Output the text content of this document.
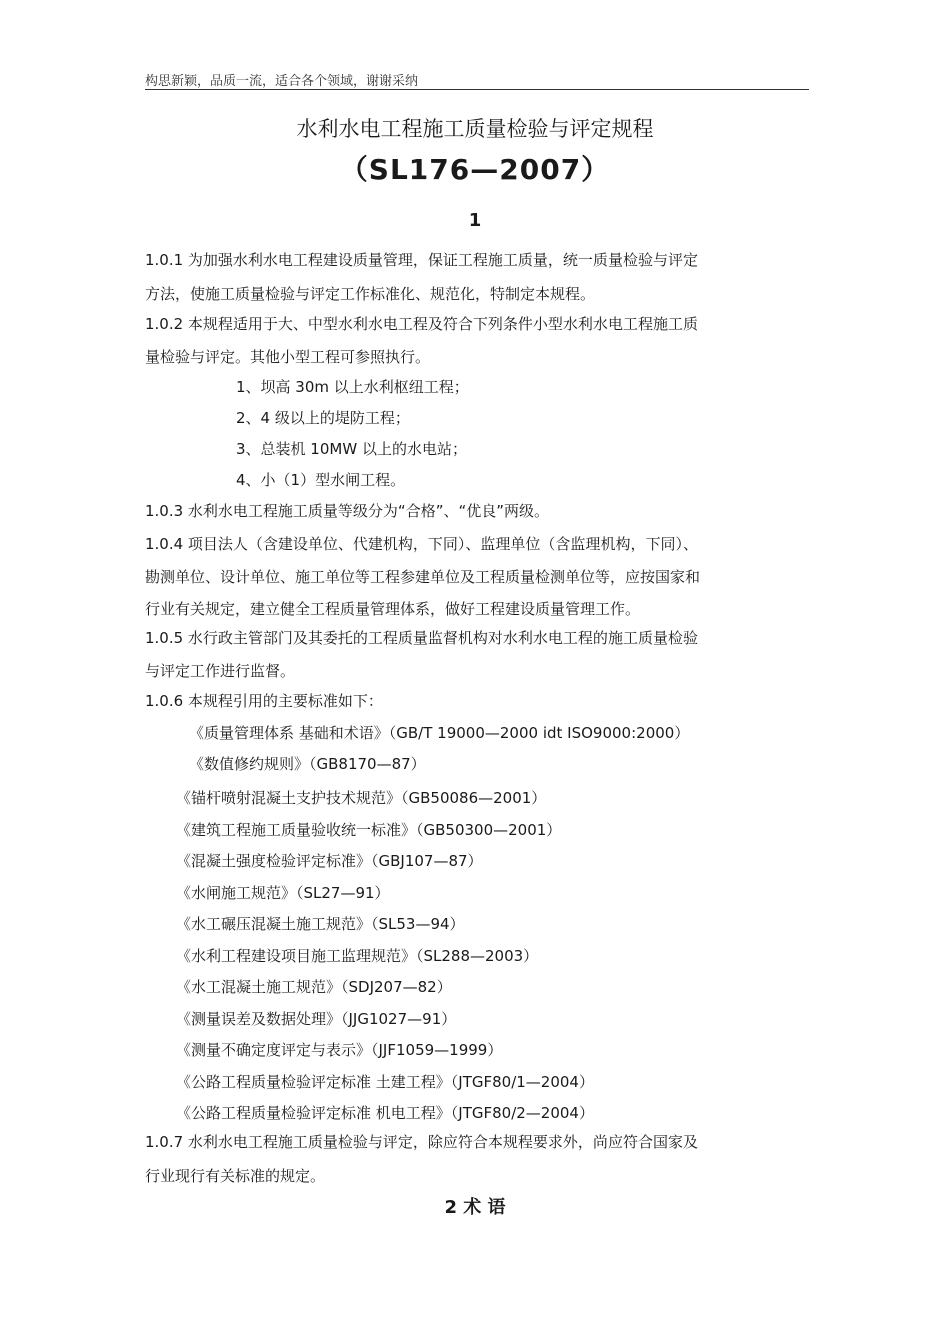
构思新颖，品质一流，适合各个领域，谢谢采纳
水利水电工程施工质量检验与评定规程
（SL176—2007）
1
1.0.1 为加强水利水电工程建设质量管理，保证工程施工质量，统一质量检验与评定
方法，使施工质量检验与评定工作标准化、规范化，特制定本规程。
1.0.2 本规程适用于大、中型水利水电工程及符合下列条件小型水利水电工程施工质
量检验与评定。其他小型工程可参照执行。
1、坝高 30m 以上水利枢纽工程；
2、4 级以上的堤防工程；
3、总装机 10MW 以上的水电站；
4、小（1）型水闸工程。
1.0.3 水利水电工程施工质量等级分为“合格”、“优良”两级。
1.0.4 项目法人（含建设单位、代建机构，下同）、监理单位（含监理机构，下同）、
勘测单位、设计单位、施工单位等工程参建单位及工程质量检测单位等，应按国家和
行业有关规定，建立健全工程质量管理体系，做好工程建设质量管理工作。
1.0.5 水行政主管部门及其委托的工程质量监督机构对水利水电工程的施工质量检验
与评定工作进行监督。
1.0.6 本规程引用的主要标准如下：
《质量管理体系 基础和术语》（GB/T 19000—2000 idt ISO9000:2000）
《数值修约规则》（GB8170—87）
《锚杆喷射混凝土支护技术规范》（GB50086—2001）
《建筑工程施工质量验收统一标准》（GB50300—2001）
《混凝土强度检验评定标准》（GBJ107—87）
《水闸施工规范》（SL27—91）
《水工碾压混凝土施工规范》（SL53—94）
《水利工程建设项目施工监理规范》（SL288—2003）
《水工混凝土施工规范》（SDJ207—82）
《测量误差及数据处理》（JJG1027—91）
《测量不确定度评定与表示》（JJF1059—1999）
《公路工程质量检验评定标准 土建工程》（JTGF80/1—2004）
《公路工程质量检验评定标准 机电工程》（JTGF80/2—2004）
1.0.7 水利水电工程施工质量检验与评定，除应符合本规程要求外，尚应符合国家及
行业现行有关标准的规定。
2 术 语
